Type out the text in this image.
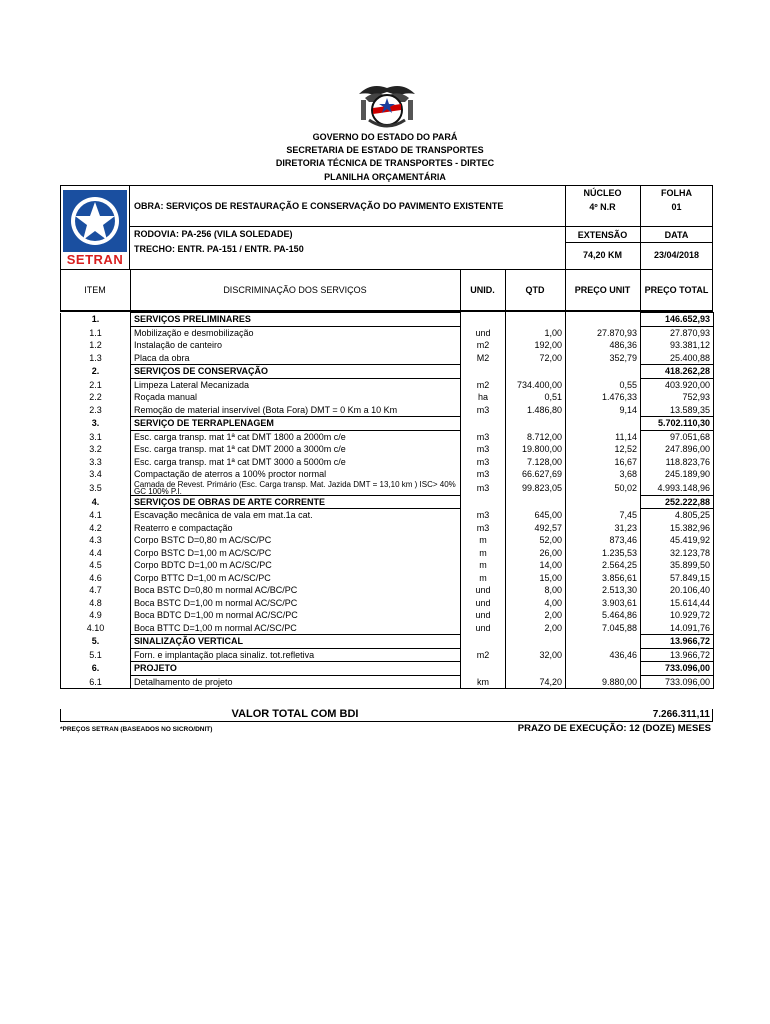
GOVERNO DO ESTADO DO PARÁ
SECRETARIA DE ESTADO DE TRANSPORTES
DIRETORIA TÉCNICA DE TRANSPORTES - DIRTEC
PLANILHA ORÇAMENTÁRIA
SETRAN
OBRA: SERVIÇOS DE RESTAURAÇÃO E CONSERVAÇÃO DO PAVIMENTO EXISTENTE
RODOVIA: PA-256 (VILA SOLEDADE)
TRECHO: ENTR. PA-151 / ENTR. PA-150
NÚCLEO
4º N.R
FOLHA
01
EXTENSÃO	DATA
74,20 KM	23/04/2018
ITEM	DISCRIMINAÇÃO DOS SERVIÇOS	UNID.	QTD	PREÇO UNIT	PREÇO TOTAL
1.	SERVIÇOS PRELIMINARES				146.652,93
1.1	Mobilização e desmobilização	und	1,00	27.870,93	27.870,93
1.2	Instalação de canteiro	m2	192,00	486,36	93.381,12
1.3	Placa da obra	M2	72,00	352,79	25.400,88
2.	SERVIÇOS DE CONSERVAÇÃO				418.262,28
2.1	Limpeza Lateral Mecanizada	m2	734.400,00	0,55	403.920,00
2.2	Roçada manual	ha	0,51	1.476,33	752,93
2.3	Remoção de material inservível (Bota Fora) DMT = 0 Km a 10 Km	m3	1.486,80	9,14	13.589,35
3.	SERVIÇO DE TERRAPLENAGEM				5.702.110,30
3.1	Esc. carga transp. mat 1ª cat DMT 1800 a 2000m c/e	m3	8.712,00	11,14	97.051,68
3.2	Esc. carga transp. mat 1ª cat DMT 2000 a 3000m c/e	m3	19.800,00	12,52	247.896,00
3.3	Esc. carga transp. mat 1ª cat DMT 3000 a 5000m c/e	m3	7.128,00	16,67	118.823,76
3.4	Compactação de aterros a 100% proctor normal	m3	66.627,69	3,68	245.189,90
3.5	Camada de Revest. Primário (Esc. Carga transp. Mat. Jazida DMT = 13,10 km ) ISC> 40% GC 100% P.I.	m3	99.823,05	50,02	4.993.148,96
4.	SERVIÇOS DE OBRAS DE ARTE CORRENTE				252.222,88
4.1	Escavação mecânica de vala em mat.1a cat.	m3	645,00	7,45	4.805,25
4.2	Reaterro e compactação	m3	492,57	31,23	15.382,96
4.3	Corpo BSTC D=0,80 m AC/SC/PC	m	52,00	873,46	45.419,92
4.4	Corpo BSTC D=1,00 m AC/SC/PC	m	26,00	1.235,53	32.123,78
4.5	Corpo BDTC D=1,00 m AC/SC/PC	m	14,00	2.564,25	35.899,50
4.6	Corpo BTTC D=1,00 m AC/SC/PC	m	15,00	3.856,61	57.849,15
4.7	Boca BSTC D=0,80 m normal AC/BC/PC	und	8,00	2.513,30	20.106,40
4.8	Boca BSTC D=1,00 m normal AC/SC/PC	und	4,00	3.903,61	15.614,44
4.9	Boca BDTC D=1,00 m normal AC/SC/PC	und	2,00	5.464,86	10.929,72
4.10	Boca BTTC D=1,00 m normal AC/SC/PC	und	2,00	7.045,88	14.091,76
5.	SINALIZAÇÃO VERTICAL				13.966,72
5.1	Forn. e implantação placa sinaliz. tot.refletiva	m2	32,00	436,46	13.966,72
6.	PROJETO				733.096,00
6.1	Detalhamento de projeto	km	74,20	9.880,00	733.096,00
VALOR TOTAL COM BDI	7.266.311,11
*PREÇOS SETRAN (BASEADOS NO SICRO/DNIT)	PRAZO DE EXECUÇÃO: 12 (DOZE) MESES
